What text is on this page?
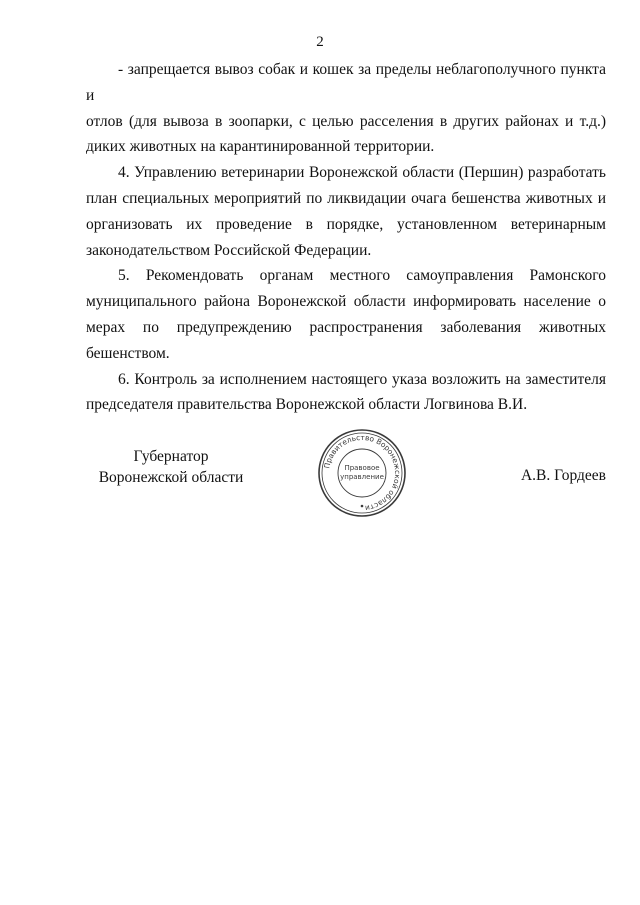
2

- запрещается вывоз собак и кошек за пределы неблагополучного пункта и

отлов (для вывоза в зоопарки, с целью расселения в других районах и т.д.) диких животных на карантинированной территории.

4. Управлению ветеринарии Воронежской области (Першин) разработать план специальных мероприятий по ликвидации очага бешенства животных и организовать их проведение в порядке, установленном ветеринарным законодательством Российской Федерации.

5. Рекомендовать органам местного самоуправления Рамонского муниципального района Воронежской области информировать население о мерах по предупреждению распространения заболевания животных бешенством.

6. Контроль за исполнением настоящего указа возложить на заместителя председателя правительства Воронежской области Логвинова В.И.

Губернатор
Воронежской области
Правительство Воронежской области
Правовое
управление	А.В. Гордеев
